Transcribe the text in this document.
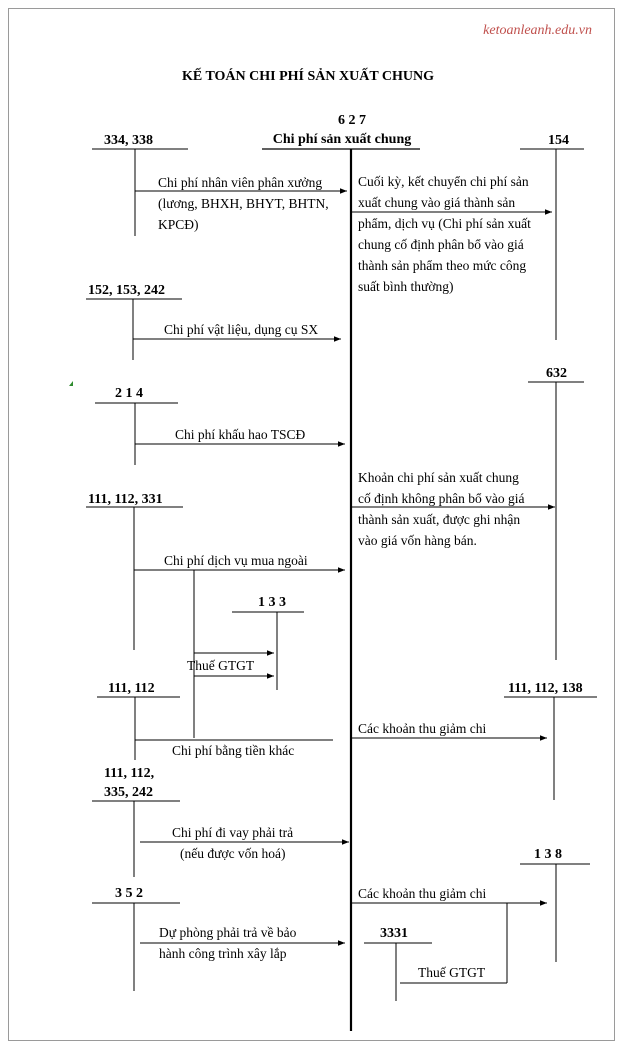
ketoanleanh.edu.vn
KẾ TOÁN CHI PHÍ SẢN XUẤT CHUNG
6 2 7
Chi phí sản xuất chung
334, 338
152, 153, 242
2 1 4
111, 112, 331
1 3 3
111, 112
111, 112,
335, 242
3 5 2
154
632
111, 112, 138
1 3 8
3331
Chi phí nhân viên phân xưởng
(lương, BHXH, BHYT, BHTN,
KPCĐ)
Chi phí vật liệu, dụng cụ SX
Chi phí khấu hao TSCĐ
Chi phí dịch vụ mua ngoài
Thuế GTGT
Chi phí bằng tiền khác
Chi phí đi vay phải trả
(nếu được vốn hoá)
Dự phòng phải trả về bảo
hành công trình xây lắp
Cuối kỳ, kết chuyển chi phí sản
xuất chung vào giá thành sản
phẩm, dịch vụ (Chi phí sản xuất
chung cố định phân bổ vào giá
thành sản phẩm theo mức công
suất bình thường)
Khoản chi phí sản xuất chung
cố định không phân bổ vào giá
thành sản xuất, được ghi nhận
vào giá vốn hàng bán.
Các khoản thu giảm chi
Các khoản thu giảm chi
Thuế GTGT
